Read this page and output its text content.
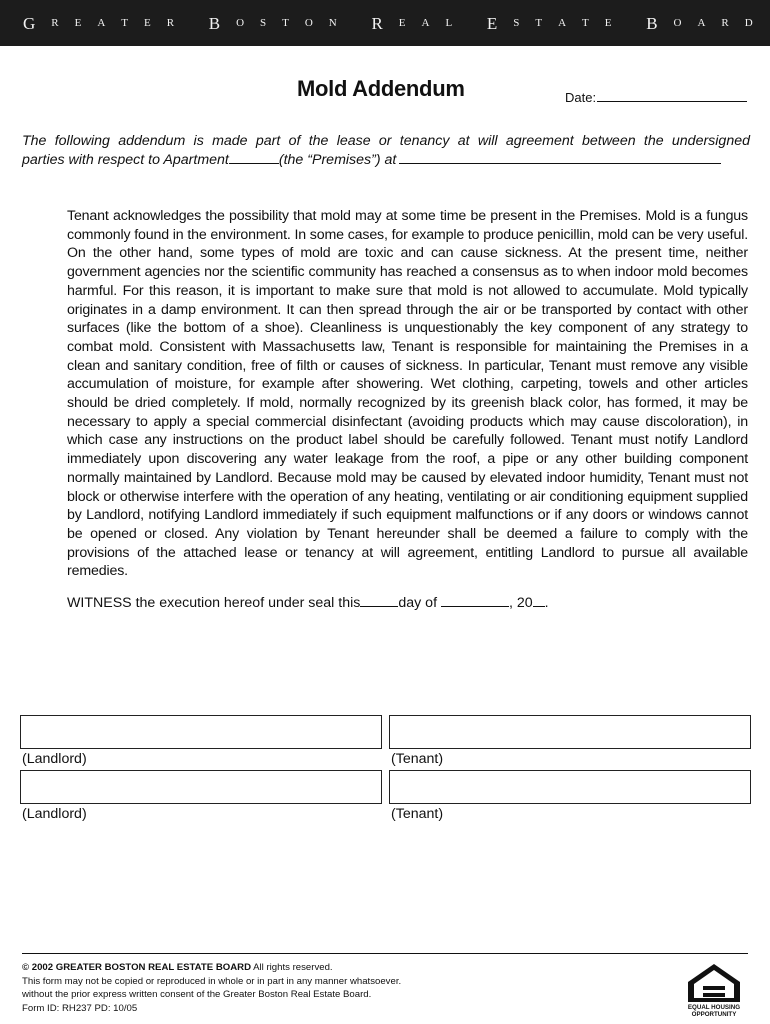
G R E A T E R
B O S T O N
R E A L
E S T A T E
B O A R D
Mold Addendum	Date:
The following addendum is made part of the lease or tenancy at will agreement between the undersigned
parties with respect to Apartment	(the “Premises”) at
Tenant acknowledges the possibility that mold may at some time be present in the Premises. Mold is a fungus commonly found in the environment. In some cases, for example to produce penicillin, mold can be very useful. On the other hand, some types of mold are toxic and can cause sickness. At the present time, neither government agencies nor the scientific community has reached a consensus as to when indoor mold becomes harmful. For this reason, it is important to make sure that mold is not allowed to accumulate. Mold typically originates in a damp environment. It can then spread through the air or be transported by contact with other surfaces (like the bottom of a shoe). Cleanliness is unquestionably the key component of any strategy to combat mold. Consistent with Massachusetts law, Tenant is responsible for maintaining the Premises in a clean and sanitary condition, free of filth or causes of sickness. In particular, Tenant must remove any visible accumulation of moisture, for example after showering. Wet clothing, carpeting, towels and other articles should be dried completely. If mold, normally recognized by its greenish black color, has formed, it may be necessary to apply a special commercial disinfectant (avoiding products which may cause discoloration), in which case any instructions on the product label should be carefully followed. Tenant must notify Landlord immediately upon discovering any water leakage from the roof, a pipe or any other building component normally maintained by Landlord. Because mold may be caused by elevated indoor humidity, Tenant must not block or otherwise interfere with the operation of any heating, ventilating or air conditioning equipment supplied by Landlord, notifying Landlord immediately if such equipment malfunctions or if any doors or windows cannot be opened or closed. Any violation by Tenant hereunder shall be deemed a failure to comply with the provisions of the attached lease or tenancy at will agreement, entitling Landlord to pursue all available remedies.
WITNESS the execution hereof under seal this	day of	, 20 .
(Landlord)	(Tenant)
(Landlord)	(Tenant)
© 2002 GREATER BOSTON REAL ESTATE BOARD All rights reserved.
This form may not be copied or reproduced in whole or in part in any manner whatsoever.
without the prior express written consent of the Greater Boston Real Estate Board.
Form ID: RH237 PD: 10/05	EQUAL HOUSING
OPPORTUNITY
